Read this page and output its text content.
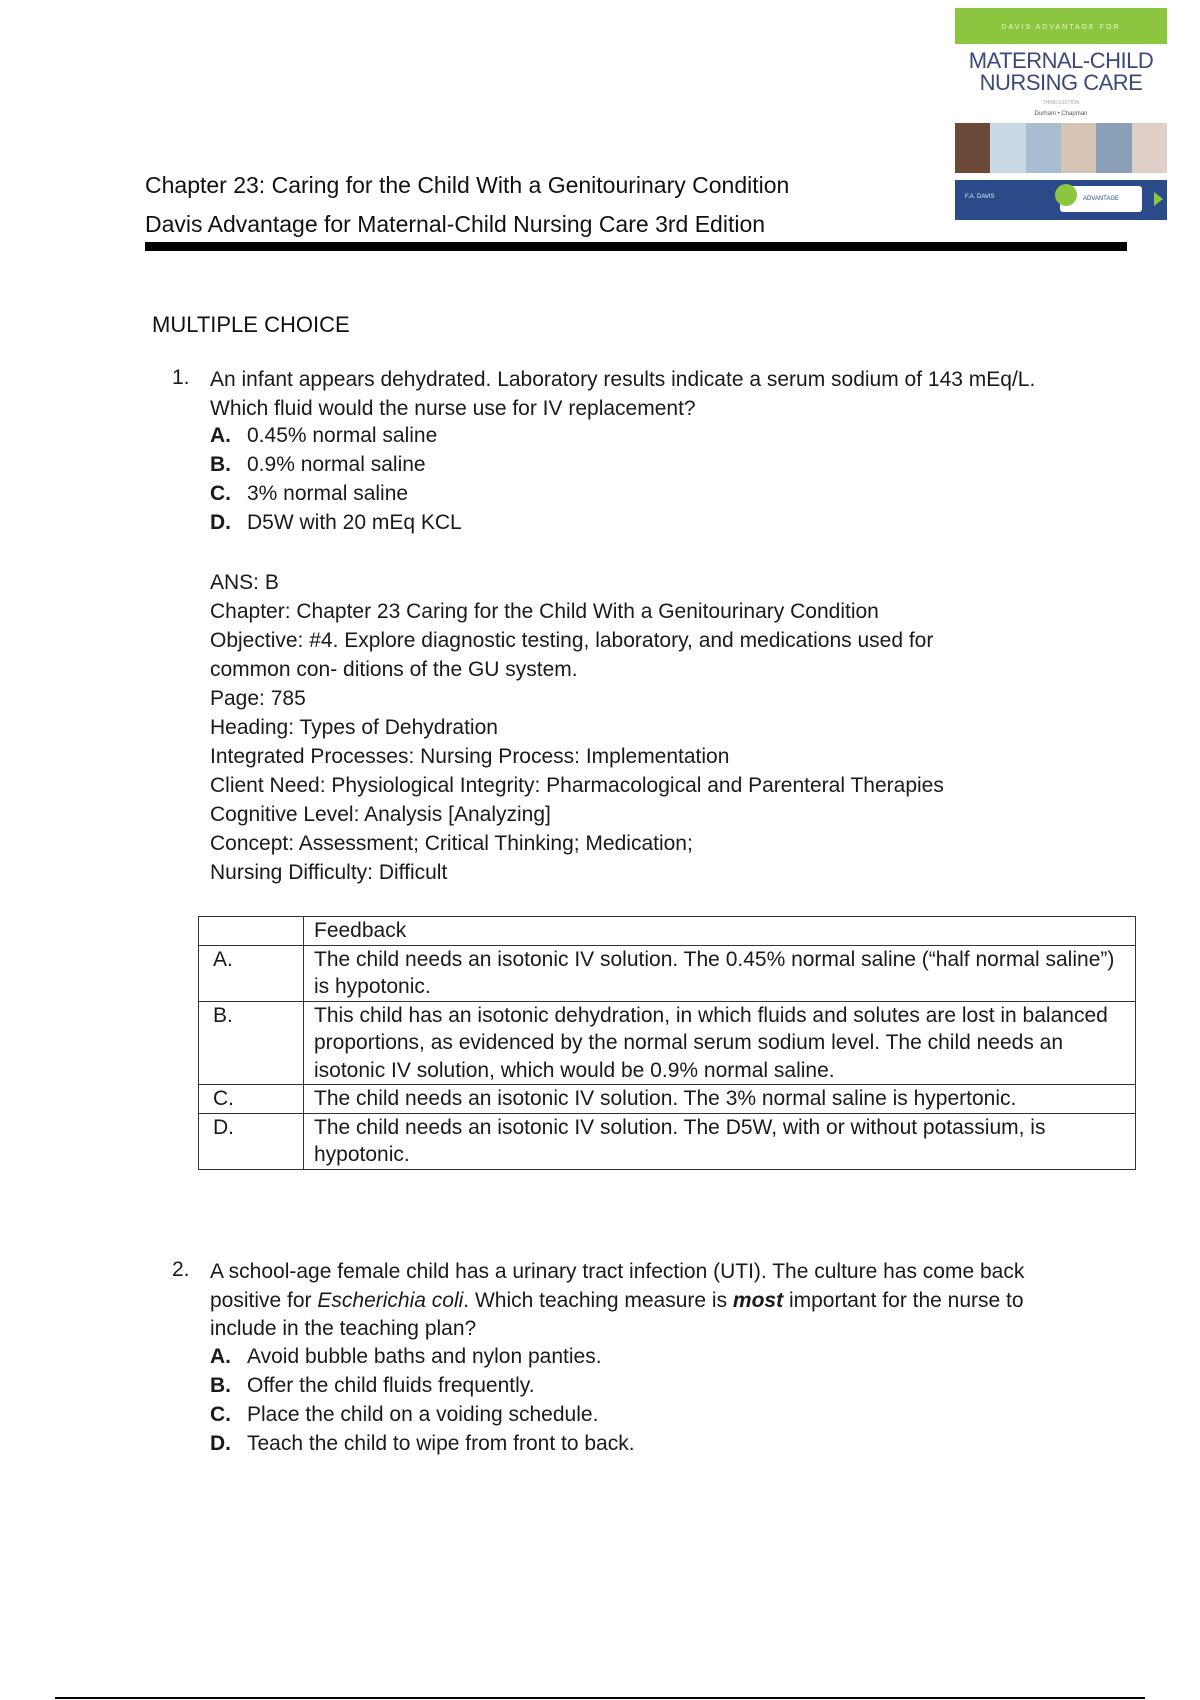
DAVIS ADVANTAGE FOR
MATERNAL-CHILD
NURSING CARE
THIRD EDITION
Durham • Chapman
F.A. DAVIS	ADVANTAGE
Chapter 23: Caring for the Child With a Genitourinary Condition
Davis Advantage for Maternal-Child Nursing Care 3rd Edition
MULTIPLE CHOICE
1. An infant appears dehydrated. Laboratory results indicate a serum sodium of 143 mEq/L. Which fluid would the nurse use for IV replacement?
A. 0.45% normal saline
B. 0.9% normal saline
C. 3% normal saline
D. D5W with 20 mEq KCL
ANS: B
Chapter: Chapter 23 Caring for the Child With a Genitourinary Condition
Objective: #4. Explore diagnostic testing, laboratory, and medications used for
common con- ditions of the GU system.
Page: 785
Heading: Types of Dehydration
Integrated Processes: Nursing Process: Implementation
Client Need: Physiological Integrity: Pharmacological and Parenteral Therapies
Cognitive Level: Analysis [Analyzing]
Concept: Assessment; Critical Thinking; Medication;
Nursing Difficulty: Difficult
	Feedback
A.	The child needs an isotonic IV solution. The 0.45% normal saline (“half normal saline”) is hypotonic.
B.	This child has an isotonic dehydration, in which fluids and solutes are lost in balanced proportions, as evidenced by the normal serum sodium level. The child needs an isotonic IV solution, which would be 0.9% normal saline.
C.	The child needs an isotonic IV solution. The 3% normal saline is hypertonic.
D.	The child needs an isotonic IV solution. The D5W, with or without potassium, is hypotonic.
2. A school-age female child has a urinary tract infection (UTI). The culture has come back positive for Escherichia coli. Which teaching measure is most important for the nurse to include in the teaching plan?
A. Avoid bubble baths and nylon panties.
B. Offer the child fluids frequently.
C. Place the child on a voiding schedule.
D. Teach the child to wipe from front to back.
